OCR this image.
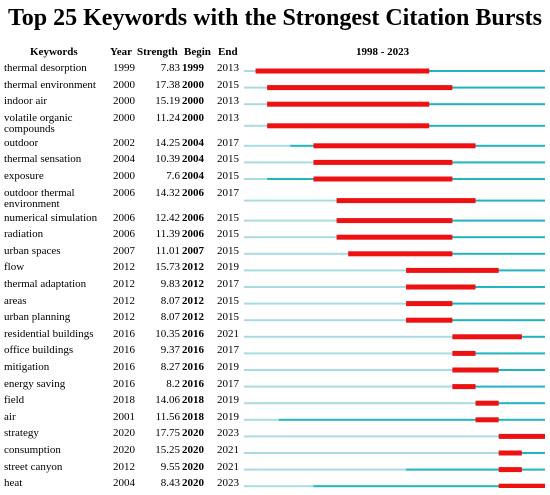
Top 25 Keywords with the Strongest Citation Bursts
Keywords	Year Strength Begin End	1998 - 2023
thermal desorption	1999	7.83 1999 2013
thermal environment	2000	17.38 2000 2015
indoor air	2000	15.19 2000 2013
volatile organic compounds
2000	11.24 2000 2013
outdoor	2002	14.25 2004 2017
thermal sensation	2004	10.39 2004 2015
exposure	2000	7.6 2004 2015
outdoor thermal environment
2006	14.32 2006 2017
numerical simulation	2006	12.42 2006 2015
radiation	2006	11.39 2006 2015
urban spaces	2007	11.01 2007 2015
flow	2012	15.73 2012 2019
thermal adaptation	2012	9.83 2012 2017
areas	2012	8.07 2012 2015
urban planning	2012	8.07 2012 2015
residential buildings	2016	10.35 2016 2021
office buildings	2016	9.37 2016 2017
mitigation	2016	8.27 2016 2019
energy saving	2016	8.2 2016 2017
field	2018	14.06 2018 2019
air	2001	11.56 2018 2019
strategy	2020	17.75 2020 2023
consumption	2020	15.25 2020 2021
street canyon	2012	9.55 2020 2021
heat	2004	8.43 2020 2023
